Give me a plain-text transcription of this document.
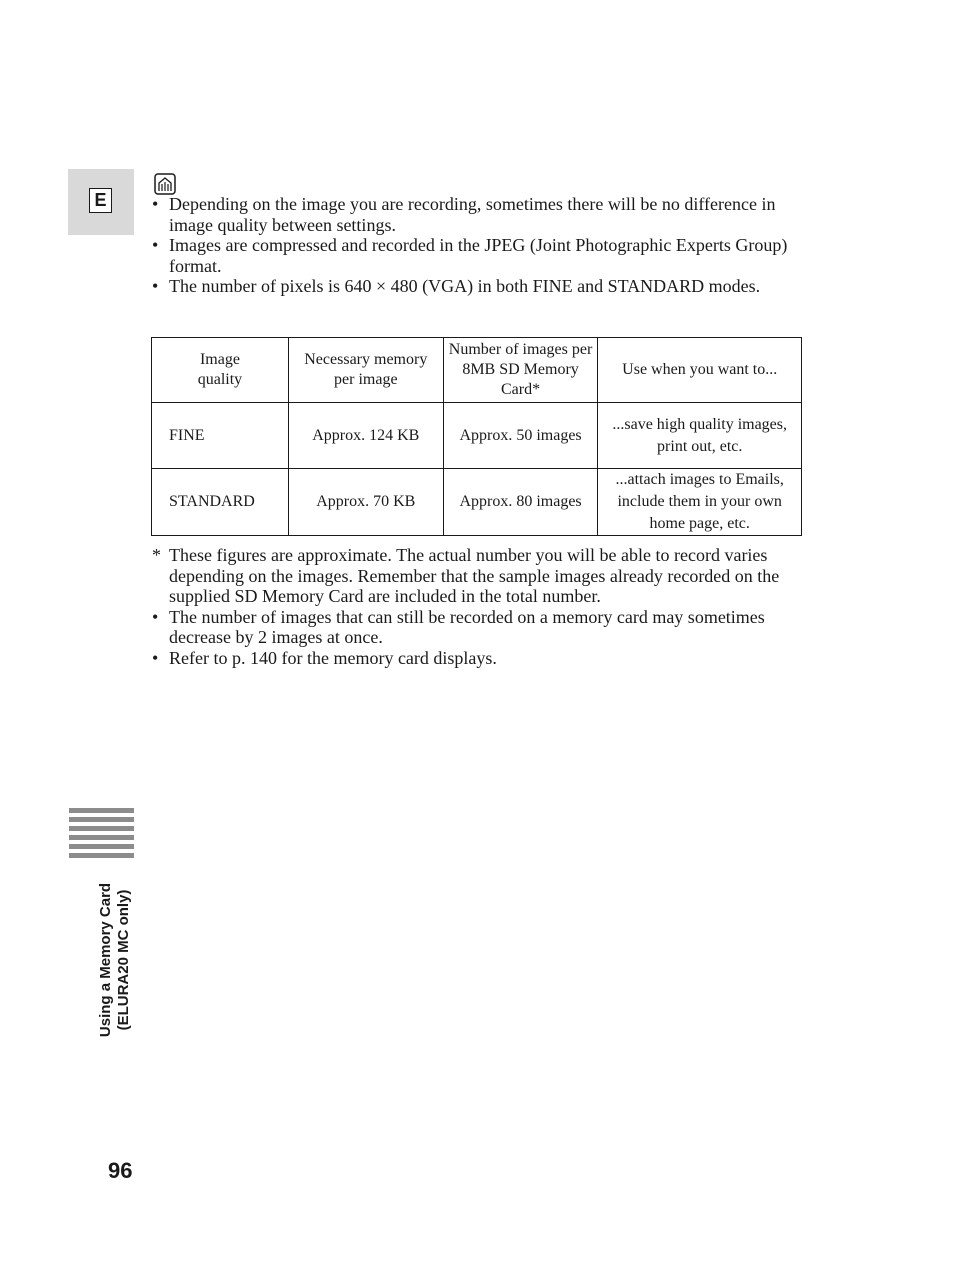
E	• Depending on the image you are recording, sometimes there will be no difference in image quality between settings.
• Images are compressed and recorded in the JPEG (Joint Photographic Experts Group) format.
• The number of pixels is 640 × 480 (VGA) in both FINE and STANDARD modes.
Image quality	Necessary memory per image	Number of images per 8MB SD Memory Card*	Use when you want to...
FINE	Approx. 124 KB	Approx. 50 images	...save high quality images, print out, etc.
STANDARD	Approx. 70 KB	Approx. 80 images	...attach images to Emails, include them in your own home page, etc.
* These figures are approximate. The actual number you will be able to record varies depending on the images. Remember that the sample images already recorded on the supplied SD Memory Card are included in the total number.
• The number of images that can still be recorded on a memory card may sometimes decrease by 2 images at once.
• Refer to p. 140 for the memory card displays.
Using a Memory Card (ELURA20 MC only)
96
